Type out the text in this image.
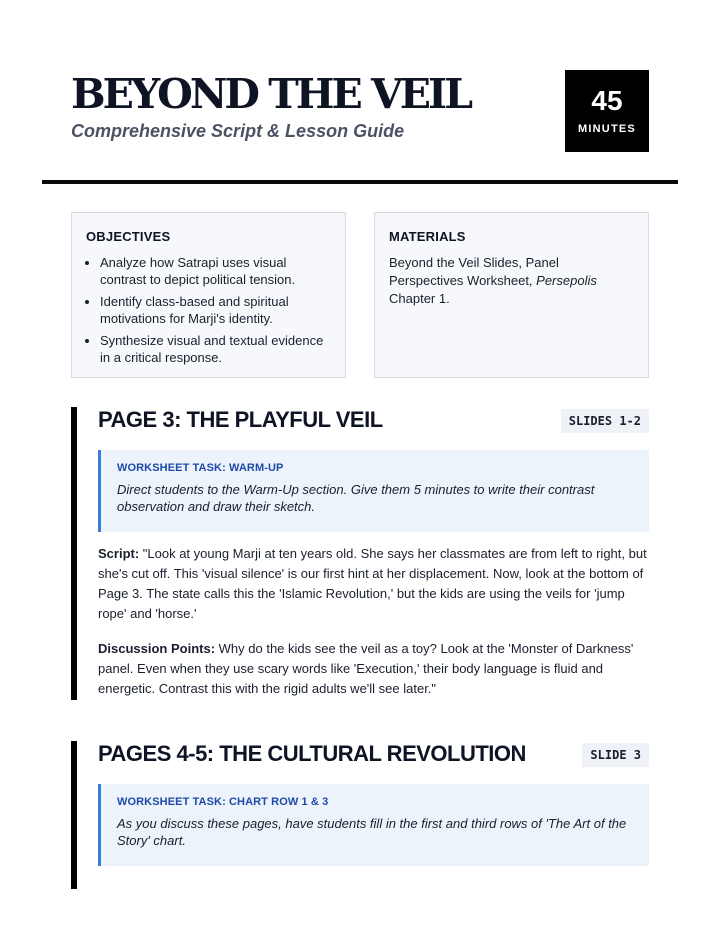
BEYOND THE VEIL
Comprehensive Script & Lesson Guide
45
MINUTES
OBJECTIVES
• Analyze how Satrapi uses visual contrast to depict political tension.
• Identify class-based and spiritual motivations for Marji's identity.
• Synthesize visual and textual evidence in a critical response.
MATERIALS

Beyond the Veil Slides, Panel Perspectives Worksheet, Persepolis Chapter 1.

PAGE 3: THE PLAYFUL VEIL	SLIDES 1-2
WORKSHEET TASK: WARM-UP
Direct students to the Warm-Up section. Give them 5 minutes to write their contrast observation and draw their sketch.

Script: "Look at young Marji at ten years old. She says her classmates are from left to right, but she's cut off. This 'visual silence' is our first hint at her displacement. Now, look at the bottom of Page 3. The state calls this the 'Islamic Revolution,' but the kids are using the veils for 'jump rope' and 'horse.'

Discussion Points: Why do the kids see the veil as a toy? Look at the 'Monster of Darkness' panel. Even when they use scary words like 'Execution,' their body language is fluid and energetic. Contrast this with the rigid adults we'll see later."

PAGES 4-5: THE CULTURAL REVOLUTION	SLIDE 3
WORKSHEET TASK: CHART ROW 1 & 3
As you discuss these pages, have students fill in the first and third rows of 'The Art of the Story' chart.
